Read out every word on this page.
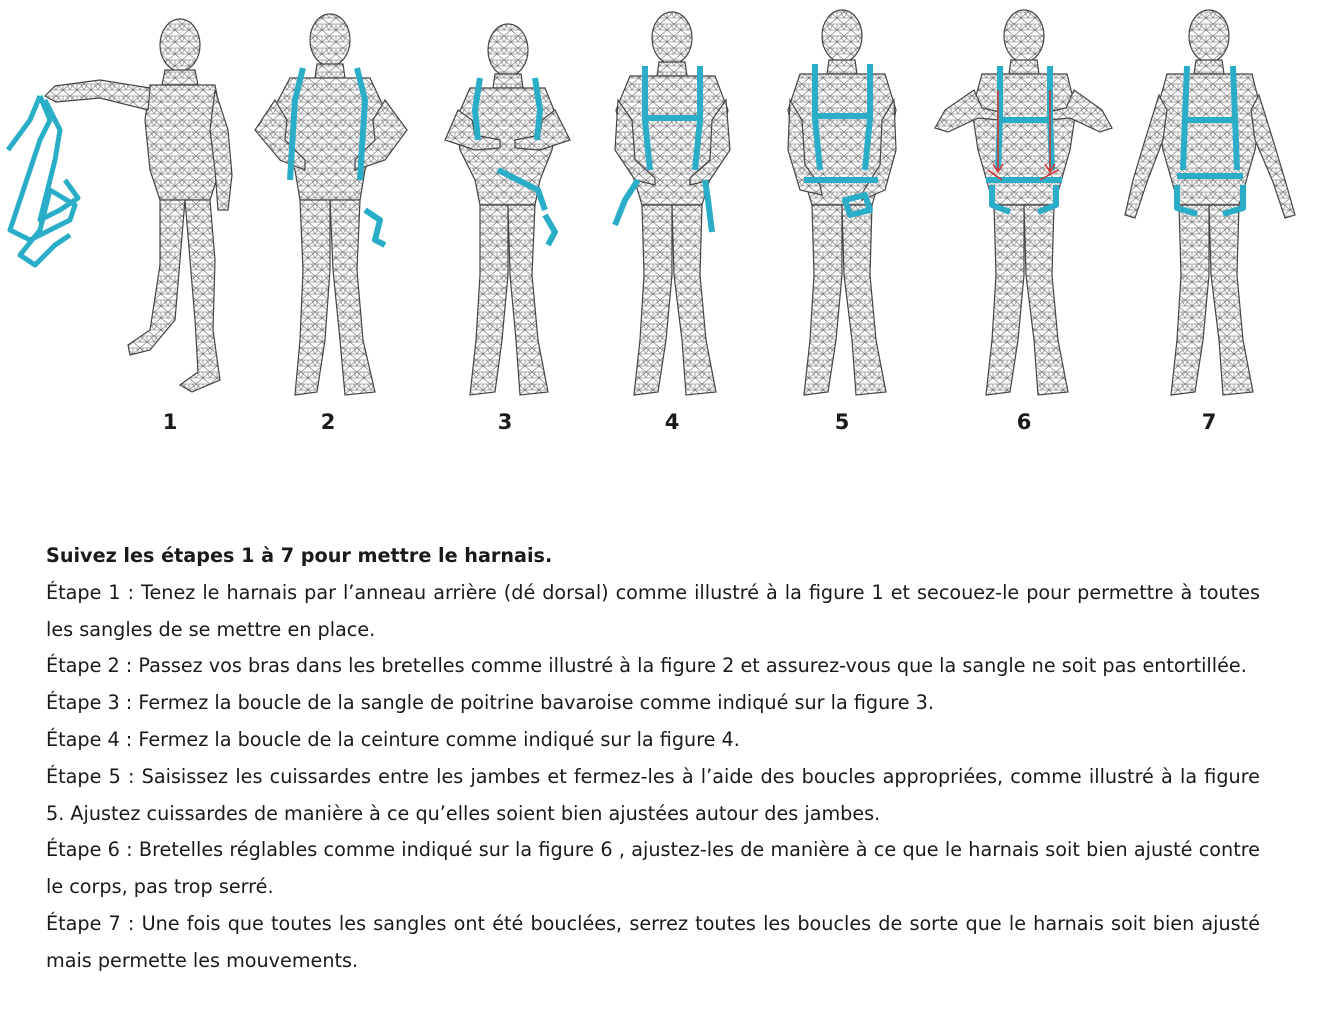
1	2	3	4	5	6	7
Suivez les étapes 1 à 7 pour mettre le harnais.
Étape 1 : Tenez le harnais par l’anneau arrière (dé dorsal) comme illustré à la figure 1 et secouez-le pour permettre à toutes les sangles de se mettre en place.
Étape 2 : Passez vos bras dans les bretelles comme illustré à la figure 2 et assurez-vous que la sangle ne soit pas entortillée.
Étape 3 : Fermez la boucle de la sangle de poitrine bavaroise comme indiqué sur la figure 3.
Étape 4 : Fermez la boucle de la ceinture comme indiqué sur la figure 4.
Étape 5 : Saisissez les cuissardes entre les jambes et fermez-les à l’aide des boucles appropriées, comme illustré à la figure 5. Ajustez cuissardes de manière à ce qu’elles soient bien ajustées autour des jambes.
Étape 6 : Bretelles réglables comme indiqué sur la figure 6 , ajustez-les de manière à ce que le harnais soit bien ajusté contre le corps, pas trop serré.
Étape 7 : Une fois que toutes les sangles ont été bouclées, serrez toutes les boucles de sorte que le harnais soit bien ajusté mais permette les mouvements.
